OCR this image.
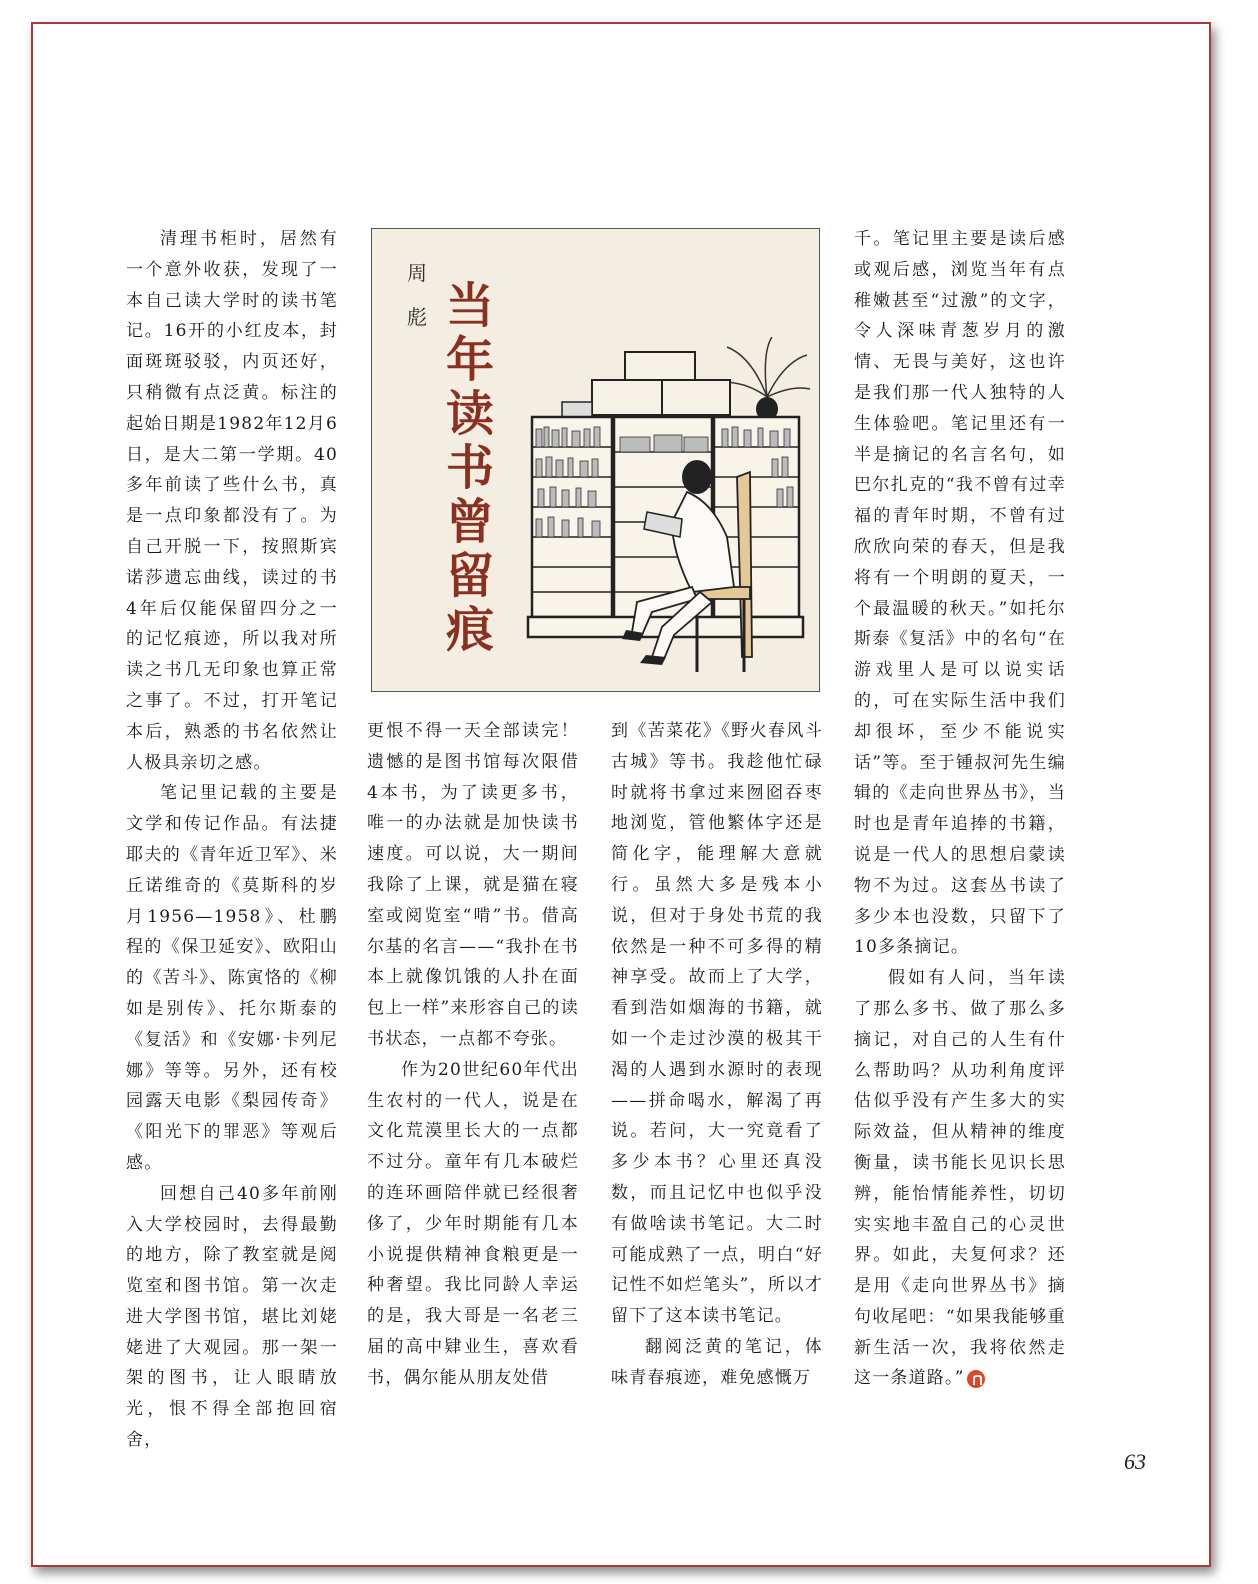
清理书柜时，居然有一个意外收获，发现了一本自己读大学时的读书笔记。16开的小红皮本，封面斑斑驳驳，内页还好，只稍微有点泛黄。标注的起始日期是1982年12月6日，是大二第一学期。40多年前读了些什么书，真是一点印象都没有了。为自己开脱一下，按照斯宾诺莎遗忘曲线，读过的书4年后仅能保留四分之一的记忆痕迹，所以我对所读之书几无印象也算正常之事了。不过，打开笔记本后，熟悉的书名依然让人极具亲切之感。

笔记里记载的主要是文学和传记作品。有法捷耶夫的《青年近卫军》、米丘诺维奇的《莫斯科的岁月1956—1958》、杜鹏程的《保卫延安》、欧阳山的《苦斗》、陈寅恪的《柳如是别传》、托尔斯泰的《复活》和《安娜·卡列尼娜》等等。另外，还有校园露天电影《梨园传奇》《阳光下的罪恶》等观后感。

回想自己40多年前刚入大学校园时，去得最勤的地方，除了教室就是阅览室和图书馆。第一次走进大学图书馆，堪比刘姥姥进了大观园。那一架一架的图书，让人眼睛放光，恨不得全部抱回宿舍，

周
彪 当
年
读
书
曾
留
痕

更恨不得一天全部读完！遗憾的是图书馆每次限借4本书，为了读更多书，唯一的办法就是加快读书速度。可以说，大一期间我除了上课，就是猫在寝室或阅览室“啃”书。借高尔基的名言——“我扑在书本上就像饥饿的人扑在面包上一样”来形容自己的读书状态，一点都不夸张。

作为20世纪60年代出生农村的一代人，说是在文化荒漠里长大的一点都不过分。童年有几本破烂的连环画陪伴就已经很奢侈了，少年时期能有几本小说提供精神食粮更是一种奢望。我比同龄人幸运的是，我大哥是一名老三届的高中肄业生，喜欢看书，偶尔能从朋友处借

到《苦菜花》《野火春风斗古城》等书。我趁他忙碌时就将书拿过来囫囵吞枣地浏览，管他繁体字还是简化字，能理解大意就行。虽然大多是残本小说，但对于身处书荒的我依然是一种不可多得的精神享受。故而上了大学，看到浩如烟海的书籍，就如一个走过沙漠的极其干渴的人遇到水源时的表现——拼命喝水，解渴了再说。若问，大一究竟看了多少本书？心里还真没数，而且记忆中也似乎没有做啥读书笔记。大二时可能成熟了一点，明白“好记性不如烂笔头”，所以才留下了这本读书笔记。

翻阅泛黄的笔记，体味青春痕迹，难免感慨万

千。笔记里主要是读后感或观后感，浏览当年有点稚嫩甚至“过激”的文字，令人深味青葱岁月的激情、无畏与美好，这也许是我们那一代人独特的人生体验吧。笔记里还有一半是摘记的名言名句，如巴尔扎克的“我不曾有过幸福的青年时期，不曾有过欣欣向荣的春天，但是我将有一个明朗的夏天，一个最温暖的秋天。”如托尔斯泰《复活》中的名句“在游戏里人是可以说实话的，可在实际生活中我们却很坏，至少不能说实话”等。至于锺叔河先生编辑的《走向世界丛书》，当时也是青年追捧的书籍，说是一代人的思想启蒙读物不为过。这套丛书读了多少本也没数，只留下了10多条摘记。

假如有人问，当年读了那么多书、做了那么多摘记，对自己的人生有什么帮助吗？从功利角度评估似乎没有产生多大的实际效益，但从精神的维度衡量，读书能长见识长思辨，能怡情能养性，切切实实地丰盈自己的心灵世界。如此，夫复何求？还是用《走向世界丛书》摘句收尾吧：“如果我能够重新生活一次，我将依然走这一条道路。”

63
